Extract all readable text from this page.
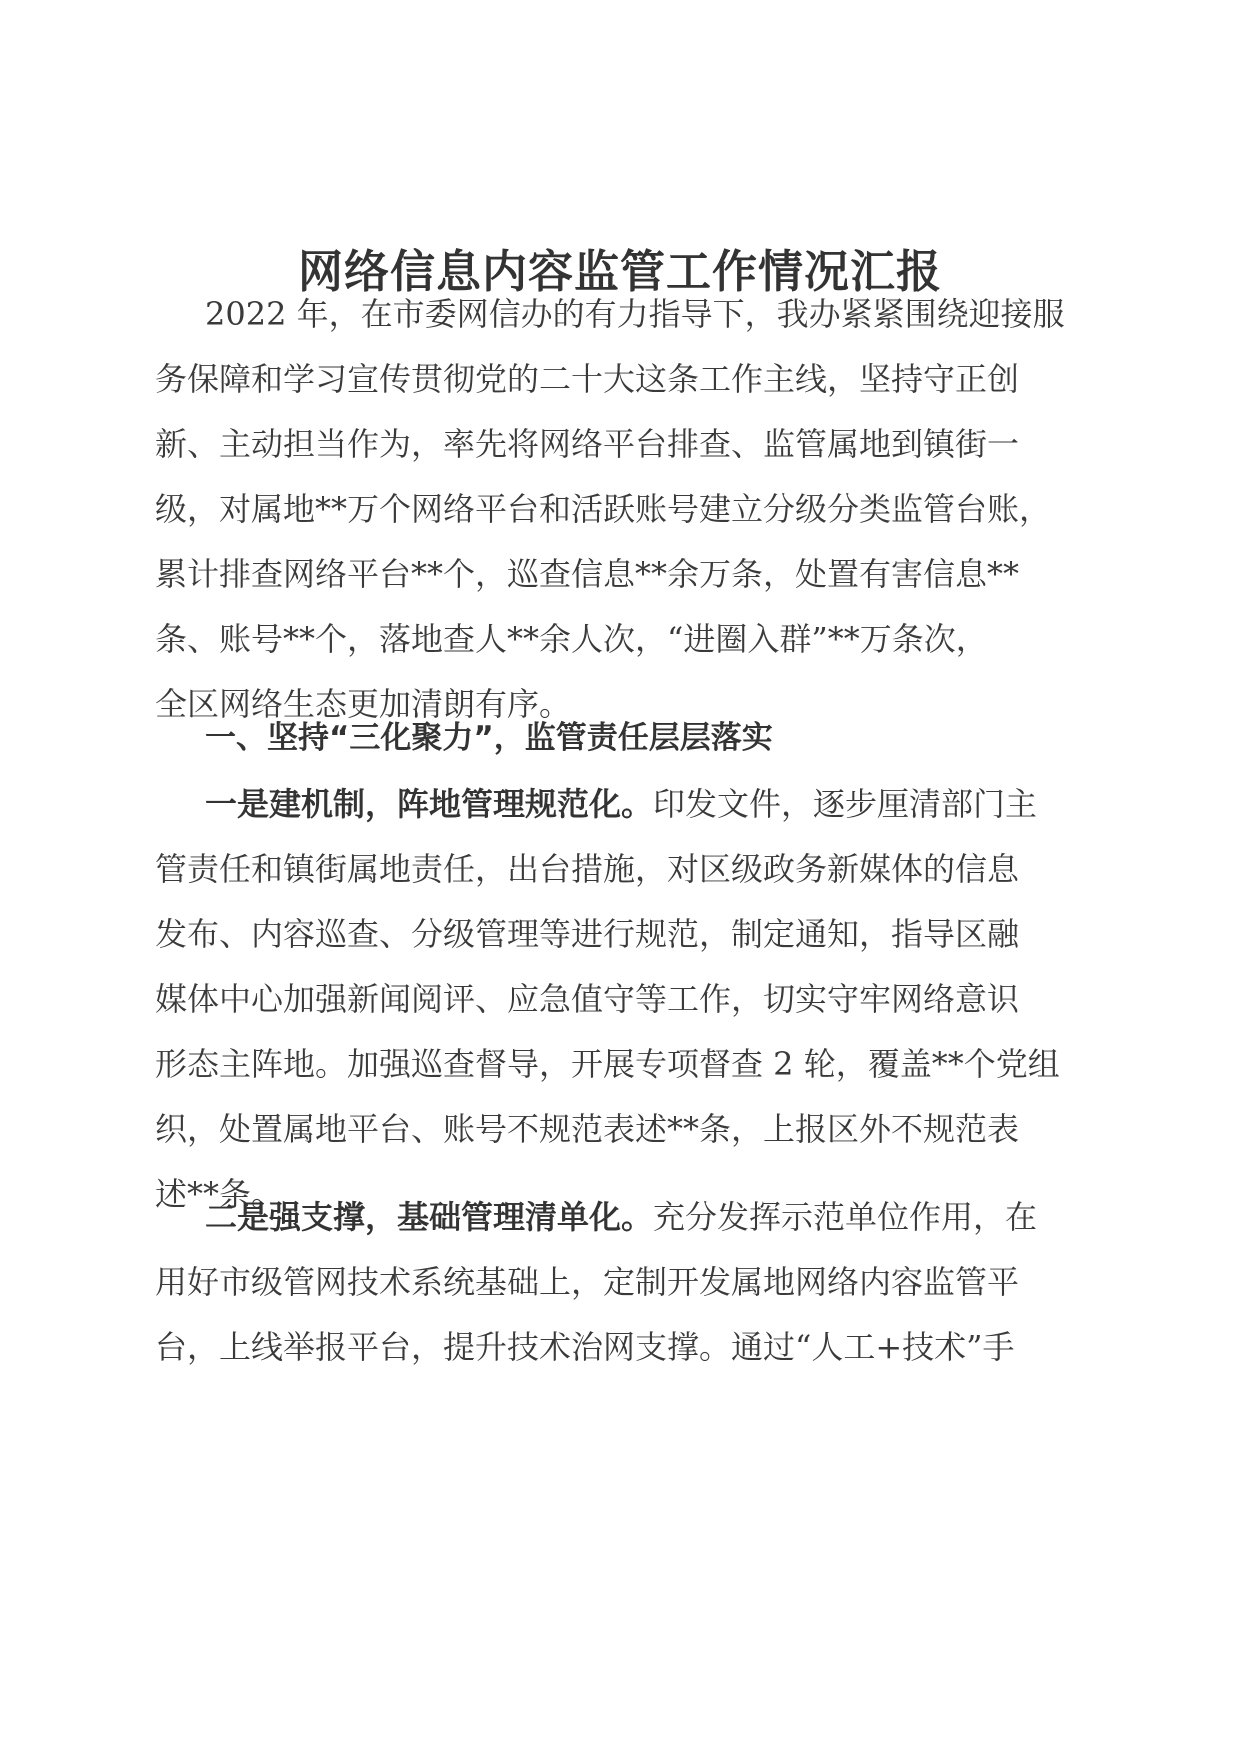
网络信息内容监管工作情况汇报
2022 年，在市委网信办的有力指导下，我办紧紧围绕迎接服
务保障和学习宣传贯彻党的二十大这条工作主线，坚持守正创
新、主动担当作为，率先将网络平台排查、监管属地到镇街一
级，对属地**万个网络平台和活跃账号建立分级分类监管台账，
累计排查网络平台**个，巡查信息**余万条，处置有害信息**
条、账号**个，落地查人**余人次，“进圈入群”**万条次，
全区网络生态更加清朗有序。
一、坚持“三化聚力”，监管责任层层落实
一是建机制，阵地管理规范化。印发文件，逐步厘清部门主
管责任和镇街属地责任，出台措施，对区级政务新媒体的信息
发布、内容巡查、分级管理等进行规范，制定通知，指导区融
媒体中心加强新闻阅评、应急值守等工作，切实守牢网络意识
形态主阵地。加强巡查督导，开展专项督查 2 轮，覆盖**个党组
织，处置属地平台、账号不规范表述**条，上报区外不规范表
述**条。
二是强支撑，基础管理清单化。充分发挥示范单位作用，在
用好市级管网技术系统基础上，定制开发属地网络内容监管平
台，上线举报平台，提升技术治网支撑。通过“人工+技术”手
